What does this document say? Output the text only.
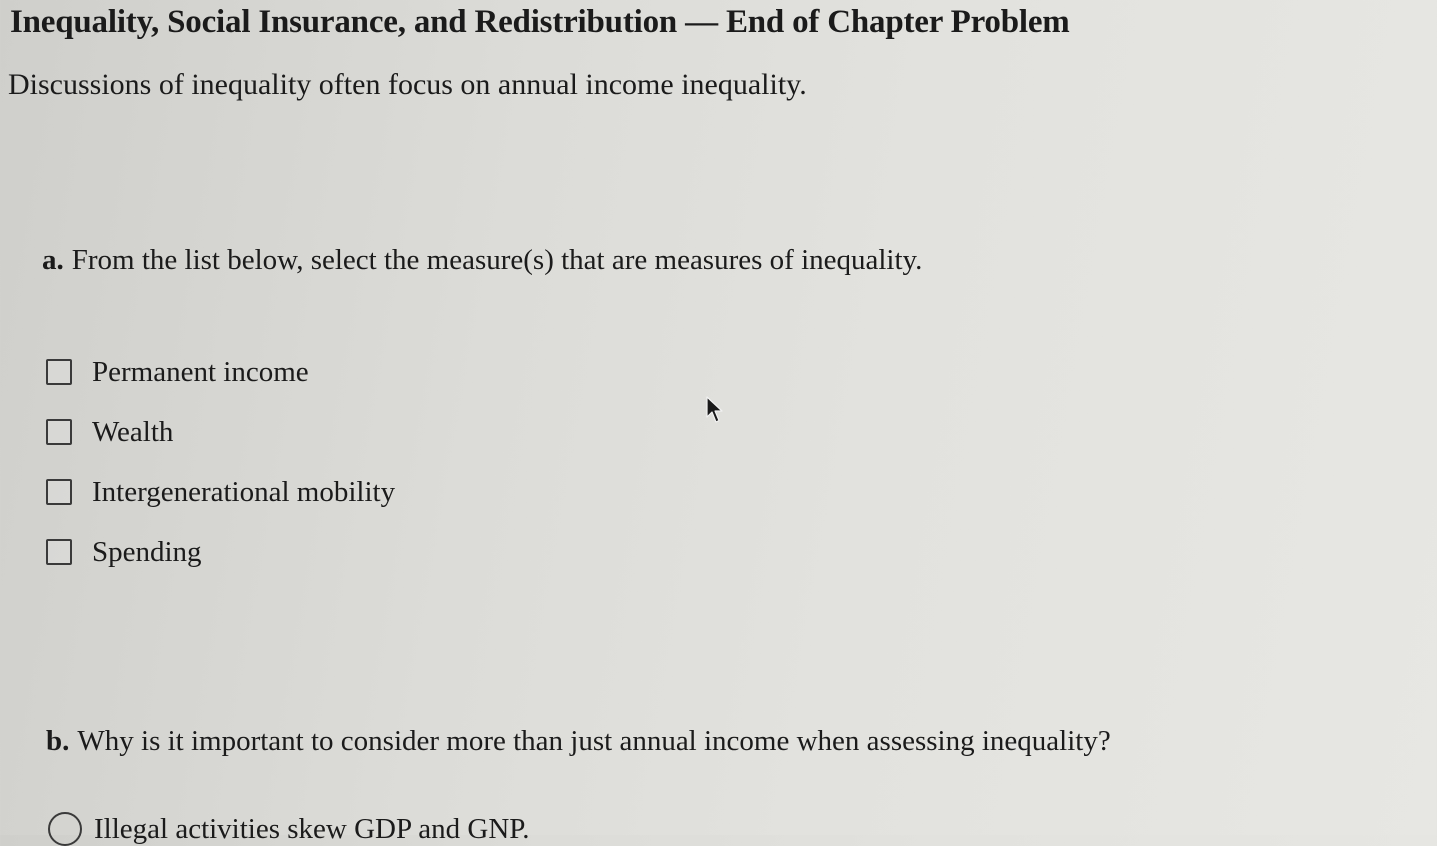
Inequality, Social Insurance, and Redistribution — End of Chapter Problem

Discussions of inequality often focus on annual income inequality.

a. From the list below, select the measure(s) that are measures of inequality.

Permanent income
Wealth
Intergenerational mobility
Spending

b. Why is it important to consider more than just annual income when assessing inequality?

Illegal activities skew GDP and GNP.
